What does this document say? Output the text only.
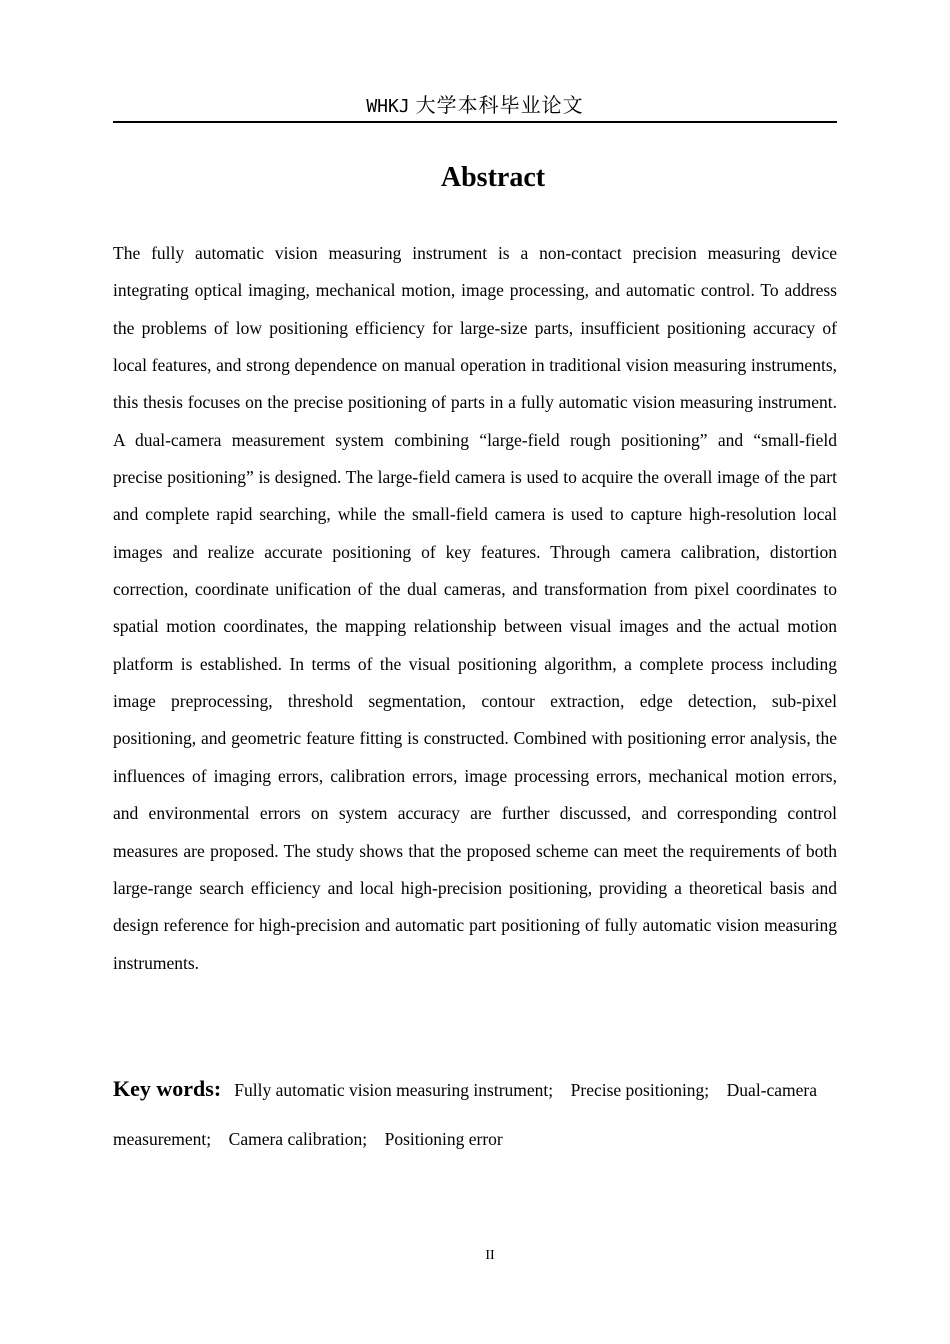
WHKJ 大学本科毕业论文
Abstract

The fully automatic vision measuring instrument is a non-contact precision measuring device integrating optical imaging, mechanical motion, image processing, and automatic control. To address the problems of low positioning efficiency for large-size parts, insufficient positioning accuracy of local features, and strong dependence on manual operation in traditional vision measuring instruments, this thesis focuses on the precise positioning of parts in a fully automatic vision measuring instrument. A dual-camera measurement system combining “large-field rough positioning” and “small-field precise positioning” is designed. The large-field camera is used to acquire the overall image of the part and complete rapid searching, while the small-field camera is used to capture high-resolution local images and realize accurate positioning of key features. Through camera calibration, distortion correction, coordinate unification of the dual cameras, and transformation from pixel coordinates to spatial motion coordinates, the mapping relationship between visual images and the actual motion platform is established. In terms of the visual positioning algorithm, a complete process including image preprocessing, threshold segmentation, contour extraction, edge detection, sub-pixel positioning, and geometric feature fitting is constructed. Combined with positioning error analysis, the influences of imaging errors, calibration errors, image processing errors, mechanical motion errors, and environmental errors on system accuracy are further discussed, and corresponding control measures are proposed. The study shows that the proposed scheme can meet the requirements of both large-range search efficiency and local high-precision positioning, providing a theoretical basis and design reference for high-precision and automatic part positioning of fully automatic vision measuring instruments.

Key words: Fully automatic vision measuring instrument; Precise positioning; Dual-camera measurement; Camera calibration; Positioning error

II
